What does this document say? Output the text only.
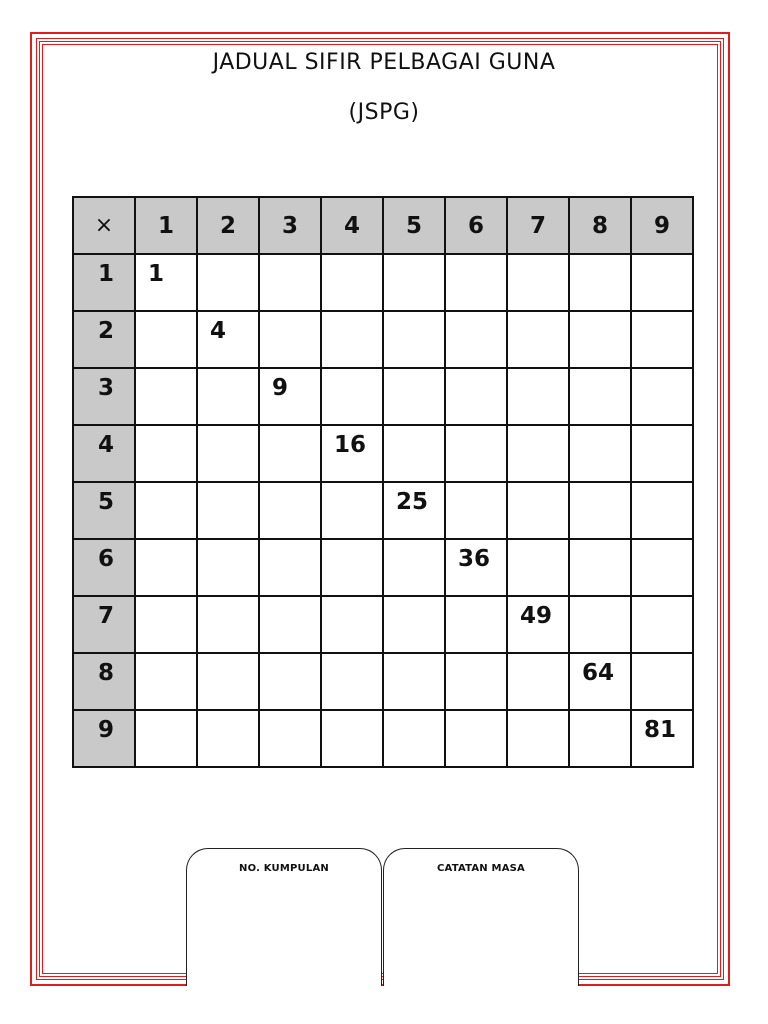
JADUAL SIFIR PELBAGAI GUNA
(JSPG)
×	1	2	3	4	5	6	7	8	9
1	1								
2		4							
3			9						
4				16					
5					25				
6						36			
7							49		
8								64	
9									81
NO. KUMPULAN	CATATAN MASA
